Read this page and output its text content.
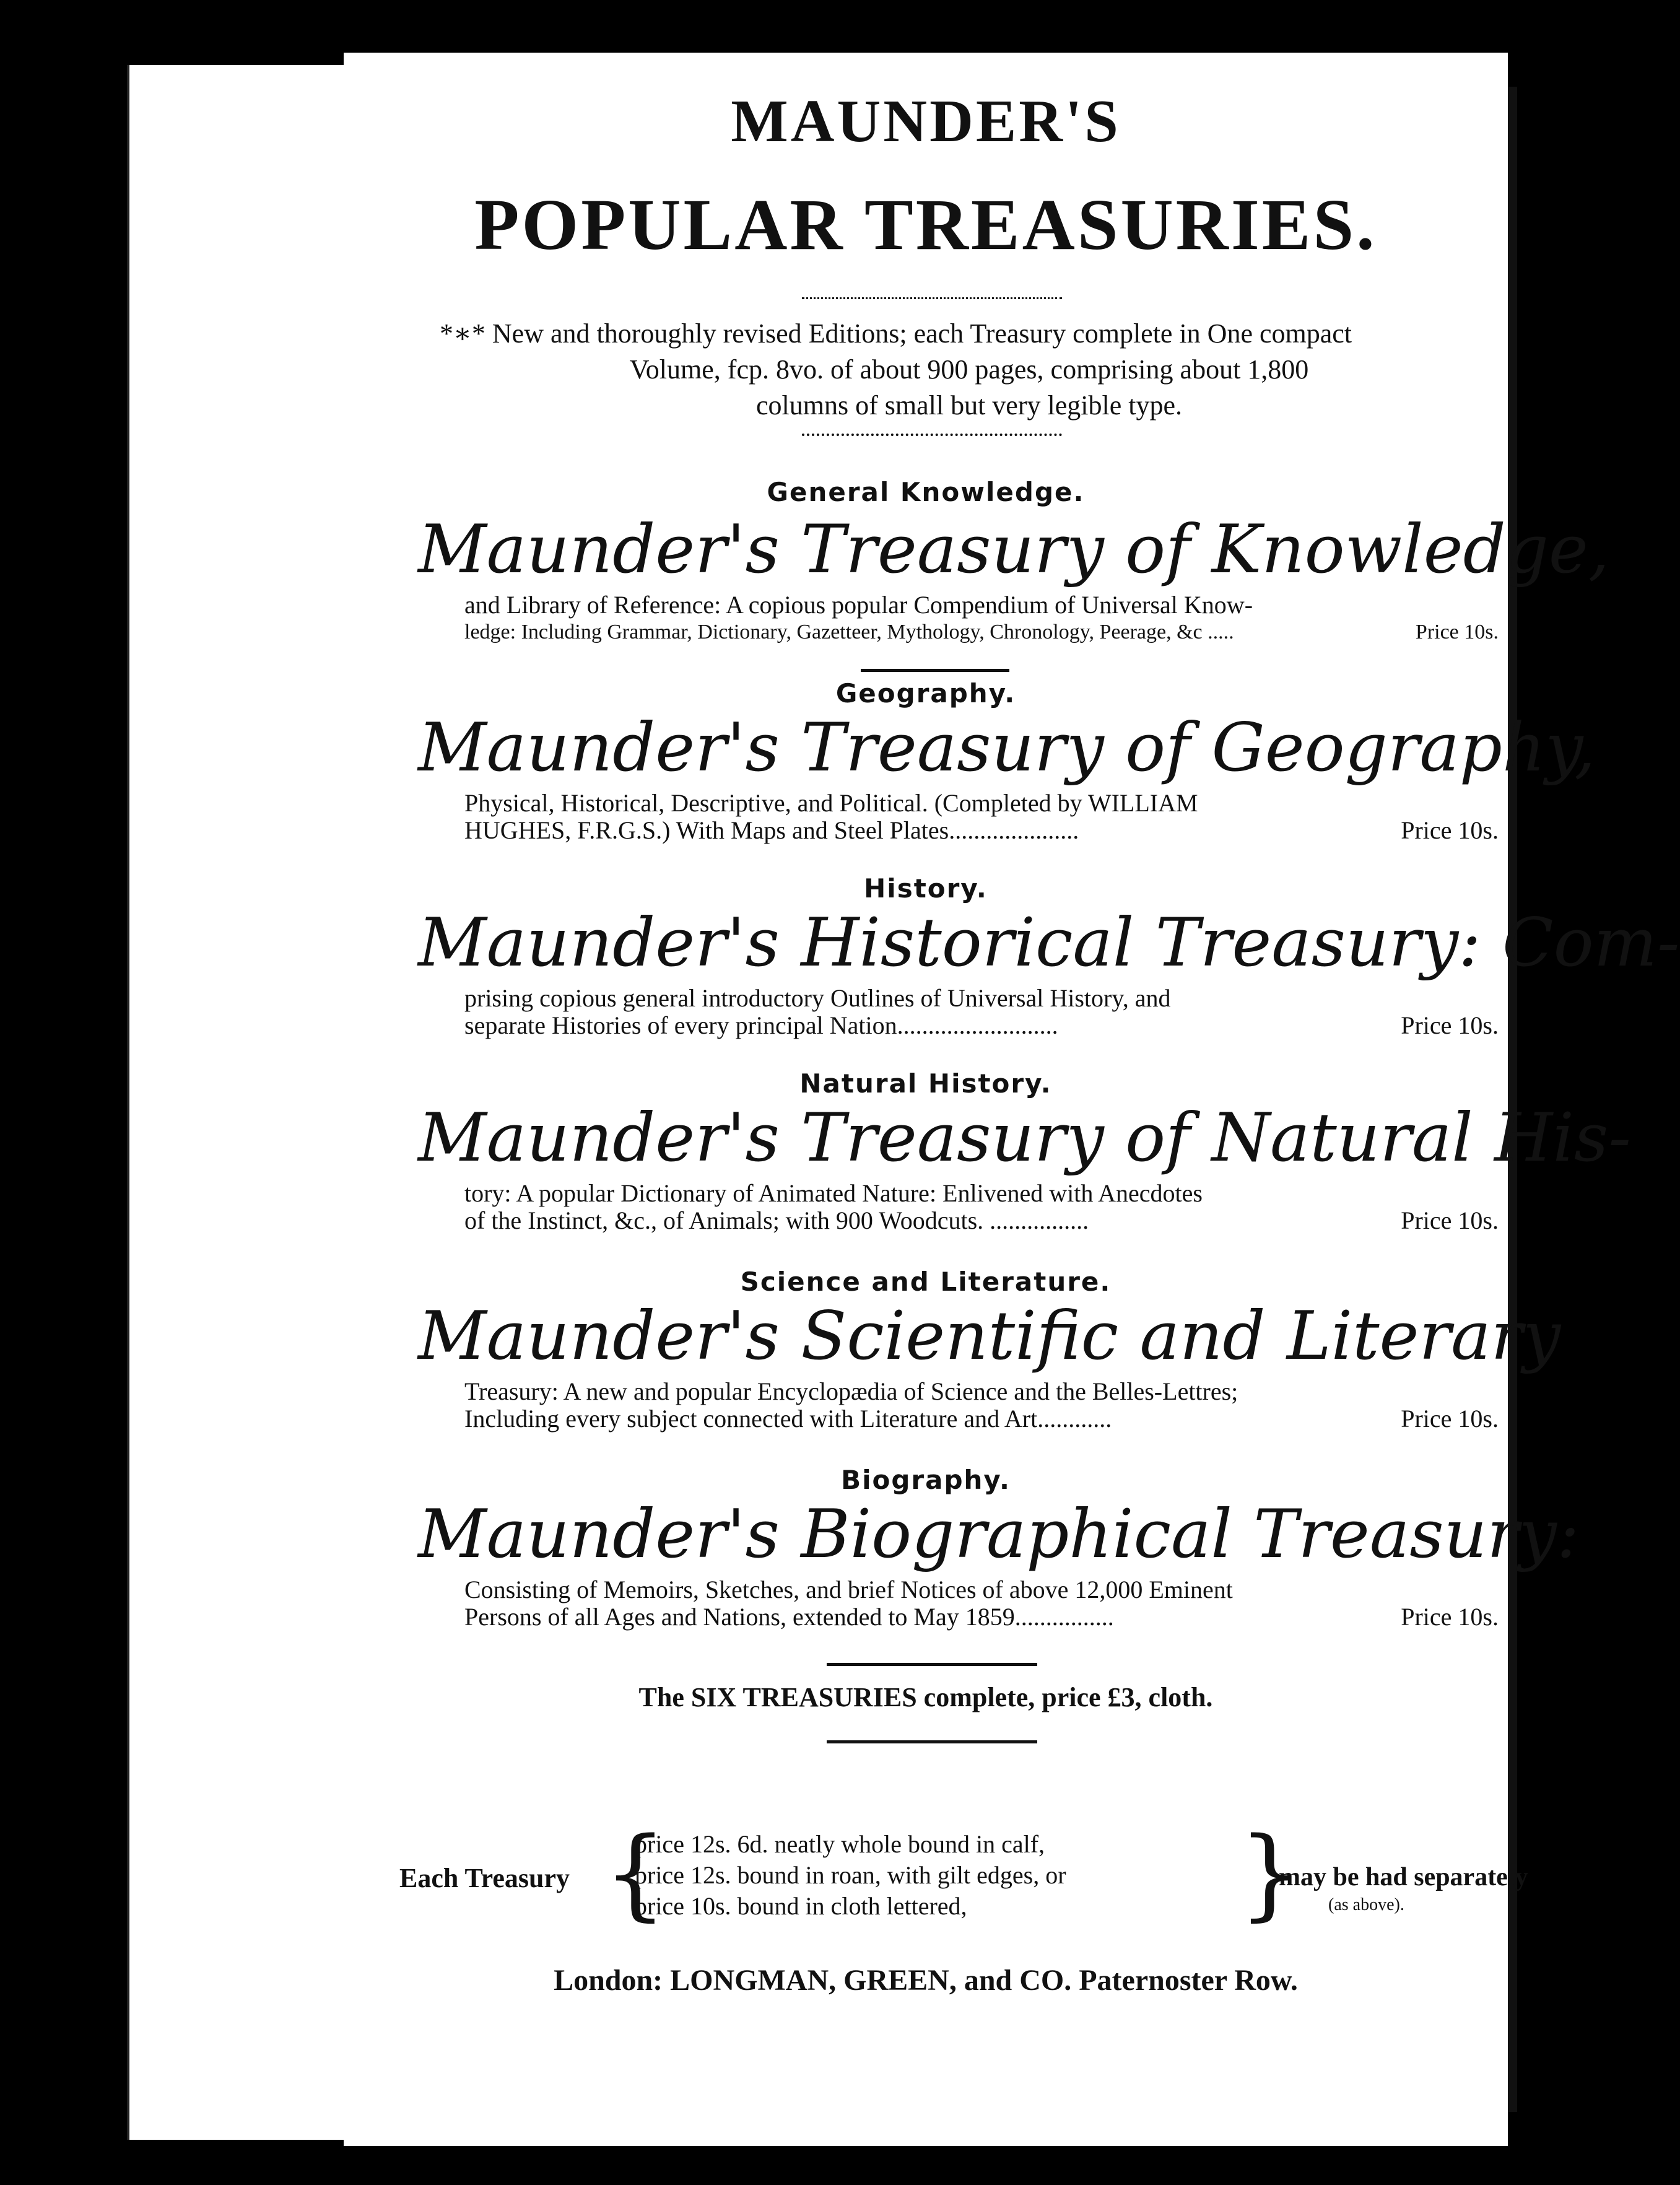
MAUNDER'S
POPULAR TREASURIES.
*∗* New and thoroughly revised Editions; each Treasury complete in One compact
Volume, fcp. 8vo. of about 900 pages, comprising about 1,800
columns of small but very legible type.
General Knowledge.
Maunder's Treasury of Knowledge,
and Library of Reference: A copious popular Compendium of Universal Know-
ledge: Including Grammar, Dictionary, Gazetteer, Mythology, Chronology, Peerage, &c .....	Price 10s.
Geography.
Maunder's Treasury of Geography,
Physical, Historical, Descriptive, and Political. (Completed by WILLIAM
HUGHES, F.R.G.S.) With Maps and Steel Plates.....................	Price 10s.
History.
Maunder's Historical Treasury: Com-
prising copious general introductory Outlines of Universal History, and
separate Histories of every principal Nation..........................	Price 10s.
Natural History.
Maunder's Treasury of Natural His-
tory: A popular Dictionary of Animated Nature: Enlivened with Anecdotes
of the Instinct, &c., of Animals; with 900 Woodcuts. ................	Price 10s.
Science and Literature.
Maunder's Scientific and Literary
Treasury: A new and popular Encyclopædia of Science and the Belles-Lettres;
Including every subject connected with Literature and Art............	Price 10s.
Biography.
Maunder's Biographical Treasury:
Consisting of Memoirs, Sketches, and brief Notices of above 12,000 Eminent
Persons of all Ages and Nations, extended to May 1859................	Price 10s.
The SIX TREASURIES complete, price £3, cloth.
Each Treasury {
price 12s. 6d. neatly whole bound in calf,
price 12s. bound in roan, with gilt edges, or
price 10s. bound in cloth lettered,	}
may be had separately
(as above).
London: LONGMAN, GREEN, and CO. Paternoster Row.
